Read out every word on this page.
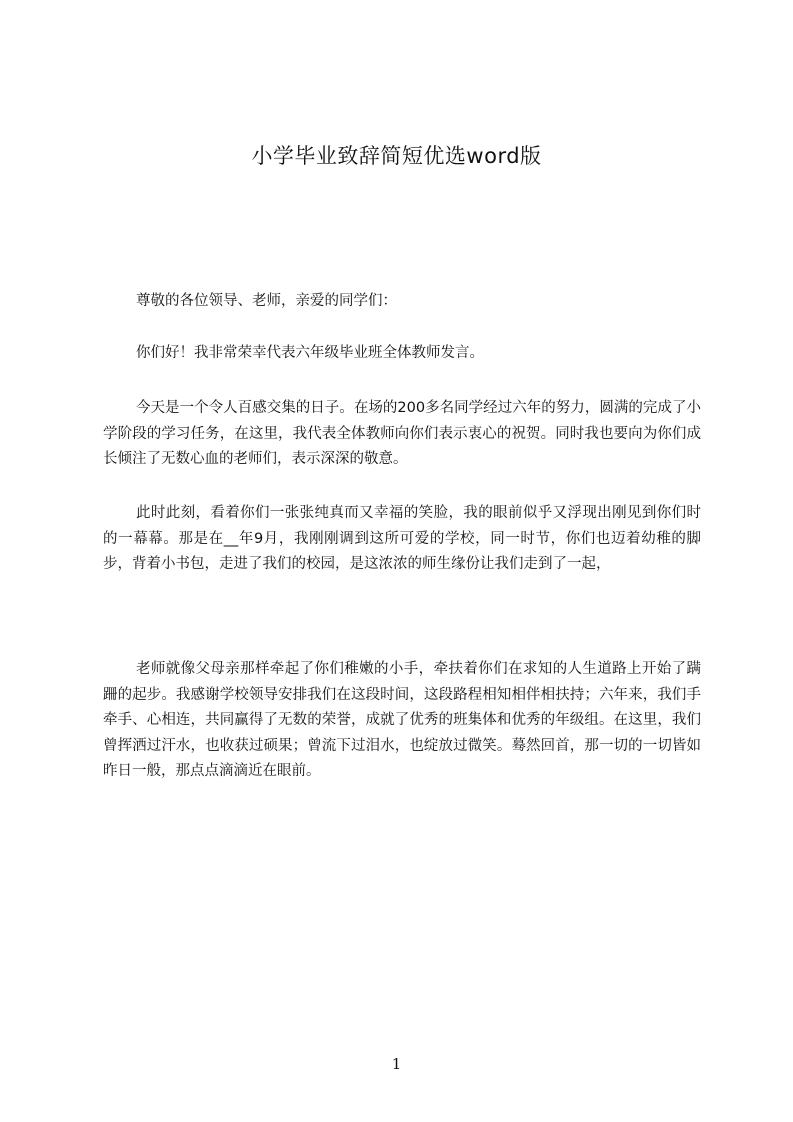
小学毕业致辞简短优选word版

尊敬的各位领导、老师，亲爱的同学们：

你们好！我非常荣幸代表六年级毕业班全体教师发言。

今天是一个令人百感交集的日子。在场的200多名同学经过六年的努力，圆满的完成了小学阶段的学习任务，在这里，我代表全体教师向你们表示衷心的祝贺。同时我也要向为你们成长倾注了无数心血的老师们，表示深深的敬意。

此时此刻，看着你们一张张纯真而又幸福的笑脸，我的眼前似乎又浮现出刚见到你们时的一幕幕。那是在__年9月，我刚刚调到这所可爱的学校，同一时节，你们也迈着幼稚的脚步，背着小书包，走进了我们的校园，是这浓浓的师生缘份让我们走到了一起，

老师就像父母亲那样牵起了你们稚嫩的小手，牵扶着你们在求知的人生道路上开始了蹒跚的起步。我感谢学校领导安排我们在这段时间，这段路程相知相伴相扶持；六年来，我们手牵手、心相连，共同赢得了无数的荣誉，成就了优秀的班集体和优秀的年级组。在这里，我们曾挥洒过汗水，也收获过硕果；曾流下过泪水，也绽放过微笑。蓦然回首，那一切的一切皆如昨日一般，那点点滴滴近在眼前。

1
